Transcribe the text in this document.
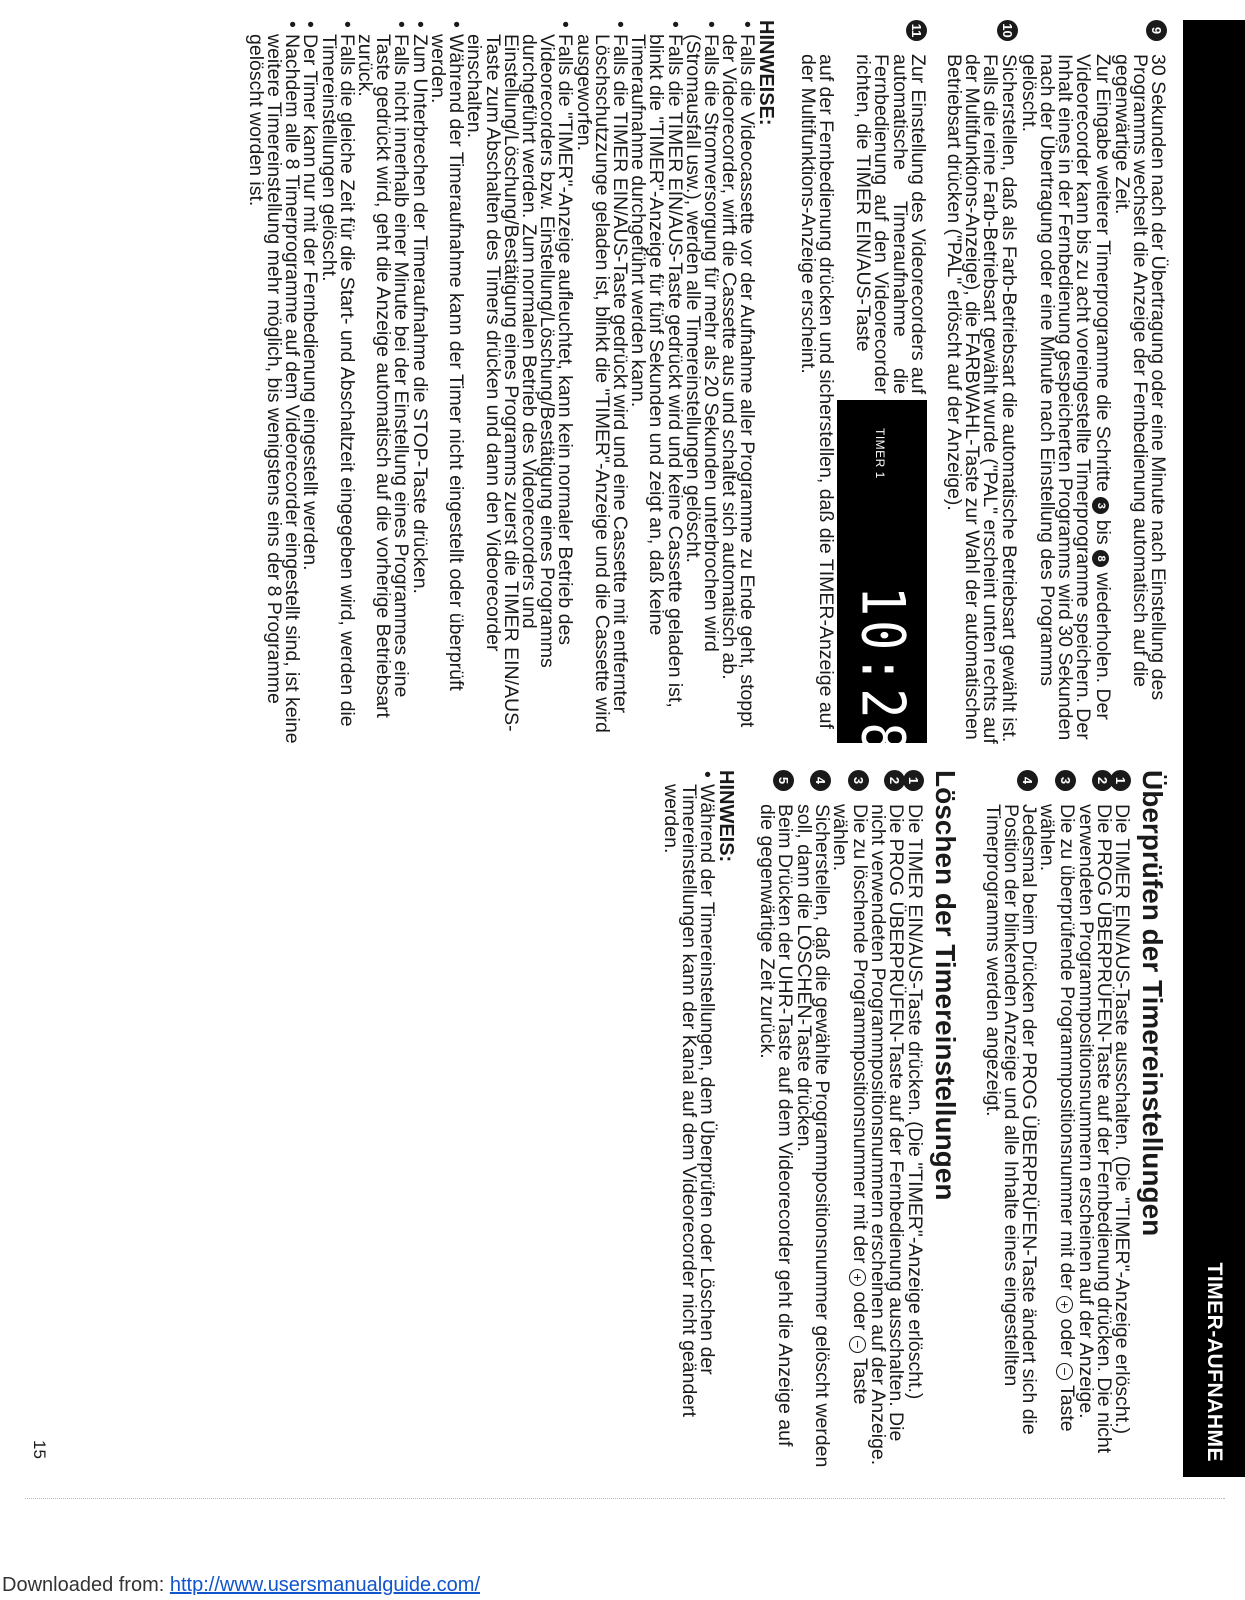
TIMER-AUFNAHME

9
30 Sekunden nach der Übertragung oder eine Minute nach Einstellung des Programms wechselt die Anzeige der Fernbedienung automatisch auf die gegenwärtige Zeit.

Zur Eingabe weiterer Timerprogramme die Schritte 3 bis 8 wiederholen. Der Videorecorder kann bis zu acht voreingestellte Timerprogramme speichern. Der Inhalt eines in der Fernbedienung gespeicherten Programms wird 30 Sekunden nach der Übertragung oder eine Minute nach Einstellung des Programms gelöscht.

10
Sicherstellen, daß als Farb-Betriebsart die automatische Betriebsart gewählt ist. Falls die reine Farb-Betriebsart gewählt wurde ("PAL" erscheint unten rechts auf der Multifunktions-Anzeige), die FARBWAHL-Taste zur Wahl der automatischen Betriebsart drücken ("PAL" erlöscht auf der Anzeige).

11
Zur Einstellung des Videorecorders auf automatische Timeraufnahme die Fernbedienung auf den Videorecorder richten, die TIMER EIN/AUS-Taste
TIMER 1
10:28

auf der Fernbedienung drücken und sicherstellen, daß die TIMER-Anzeige auf der Multifunktions-Anzeige erscheint.

HINWEISE:

• Falls die Videocassette vor der Aufnahme aller Programme zu Ende geht, stoppt der Videorecorder, wirft die Cassette aus und schaltet sich automatisch ab.

• Falls die Stromversorgung für mehr als 20 Sekunden unterbrochen wird (Stromausfall usw.), werden alle Timereinstellungen gelöscht.

• Falls die TIMER EIN/AUS-Taste gedrückt wird und keine Cassette geladen ist, blinkt die "TIMER"-Anzeige für fünf Sekunden und zeigt an, daß keine Timeraufnahme durchgeführt werden kann.

• Falls die TIMER EIN/AUS-Taste gedrückt wird und eine Cassette mit entfernter Löschschutzzunge geladen ist, blinkt die "TIMER"-Anzeige und die Cassette wird ausgeworfen.

• Falls die "TIMER"-Anzeige aufleuchtet, kann kein normaler Betrieb des Videorecorders bzw. Einstellung/Löschung/Bestätigung eines Programms durchgeführt werden. Zum normalen Betrieb des Videorecorders und Einstellung/Löschung/Bestätigung eines Programms zuerst die TIMER EIN/AUS-Taste zum Abschalten des Timers drücken und dann den Videorecorder einschalten.

• Während der Timeraufnahme kann der Timer nicht eingestellt oder überprüft werden.

• Zum Unterbrechen der Timeraufnahme die STOP-Taste drücken.

• Falls nicht innerhalb einer Minute bei der Einstellung eines Programmes eine Taste gedrückt wird, geht die Anzeige automatisch auf die vorherige Betriebsart zurück.

• Falls die gleiche Zeit für die Start- und Abschaltzeit eingegeben wird, werden die Timereinstellungen gelöscht.

• Der Timer kann nur mit der Fernbedienung eingestellt werden.

• Nachdem alle 8 Timerprogramme auf dem Videorecorder eingestellt sind, ist keine weitere Timereinstellung mehr möglich, bis wenigstens eins der 8 Programme gelöscht worden ist.

Überprüfen der Timereinstellungen

1
Die TIMER EIN/AUS-Taste ausschalten. (Die "TIMER"-Anzeige erlöscht.)

2
Die PROG ÜBERPRÜFEN-Taste auf der Fernbedienung drücken. Die nicht verwendeten Programmpositionsnummern erscheinen auf der Anzeige.

3
Die zu überprüfende Programmpositionsnummer mit der + oder − Taste wählen.

4
Jedesmal beim Drücken der PROG ÜBERPRÜFEN-Taste ändert sich die Position der blinkenden Anzeige und alle Inhalte eines eingestellten Timerprogramms werden angezeigt.

Löschen der Timereinstellungen

1
Die TIMER EIN/AUS-Taste drücken. (Die "TIMER"-Anzeige erlöscht.)

2
Die PROG ÜBERPRÜFEN-Taste auf der Fernbedienung ausschalten. Die nicht verwendeten Programmpositionsnummern erscheinen auf der Anzeige.

3
Die zu löschende Programmpositionsnummer mit der + oder − Taste wählen.

4
Sicherstellen, daß die gewählte Programmpositionsnummer gelöscht werden soll, dann die LÖSCHEN-Taste drücken.

5
Beim Drücken der UHR-Taste auf dem Videorecorder geht die Anzeige auf die gegenwärtige Zeit zurück.

HINWEIS:

• Während der Timereinstellungen, dem Überprüfen oder Löschen der Timereinstellungen kann der Kanal auf dem Videorecorder nicht geändert werden.

15
Downloaded from: http://www.usersmanualguide.com/
